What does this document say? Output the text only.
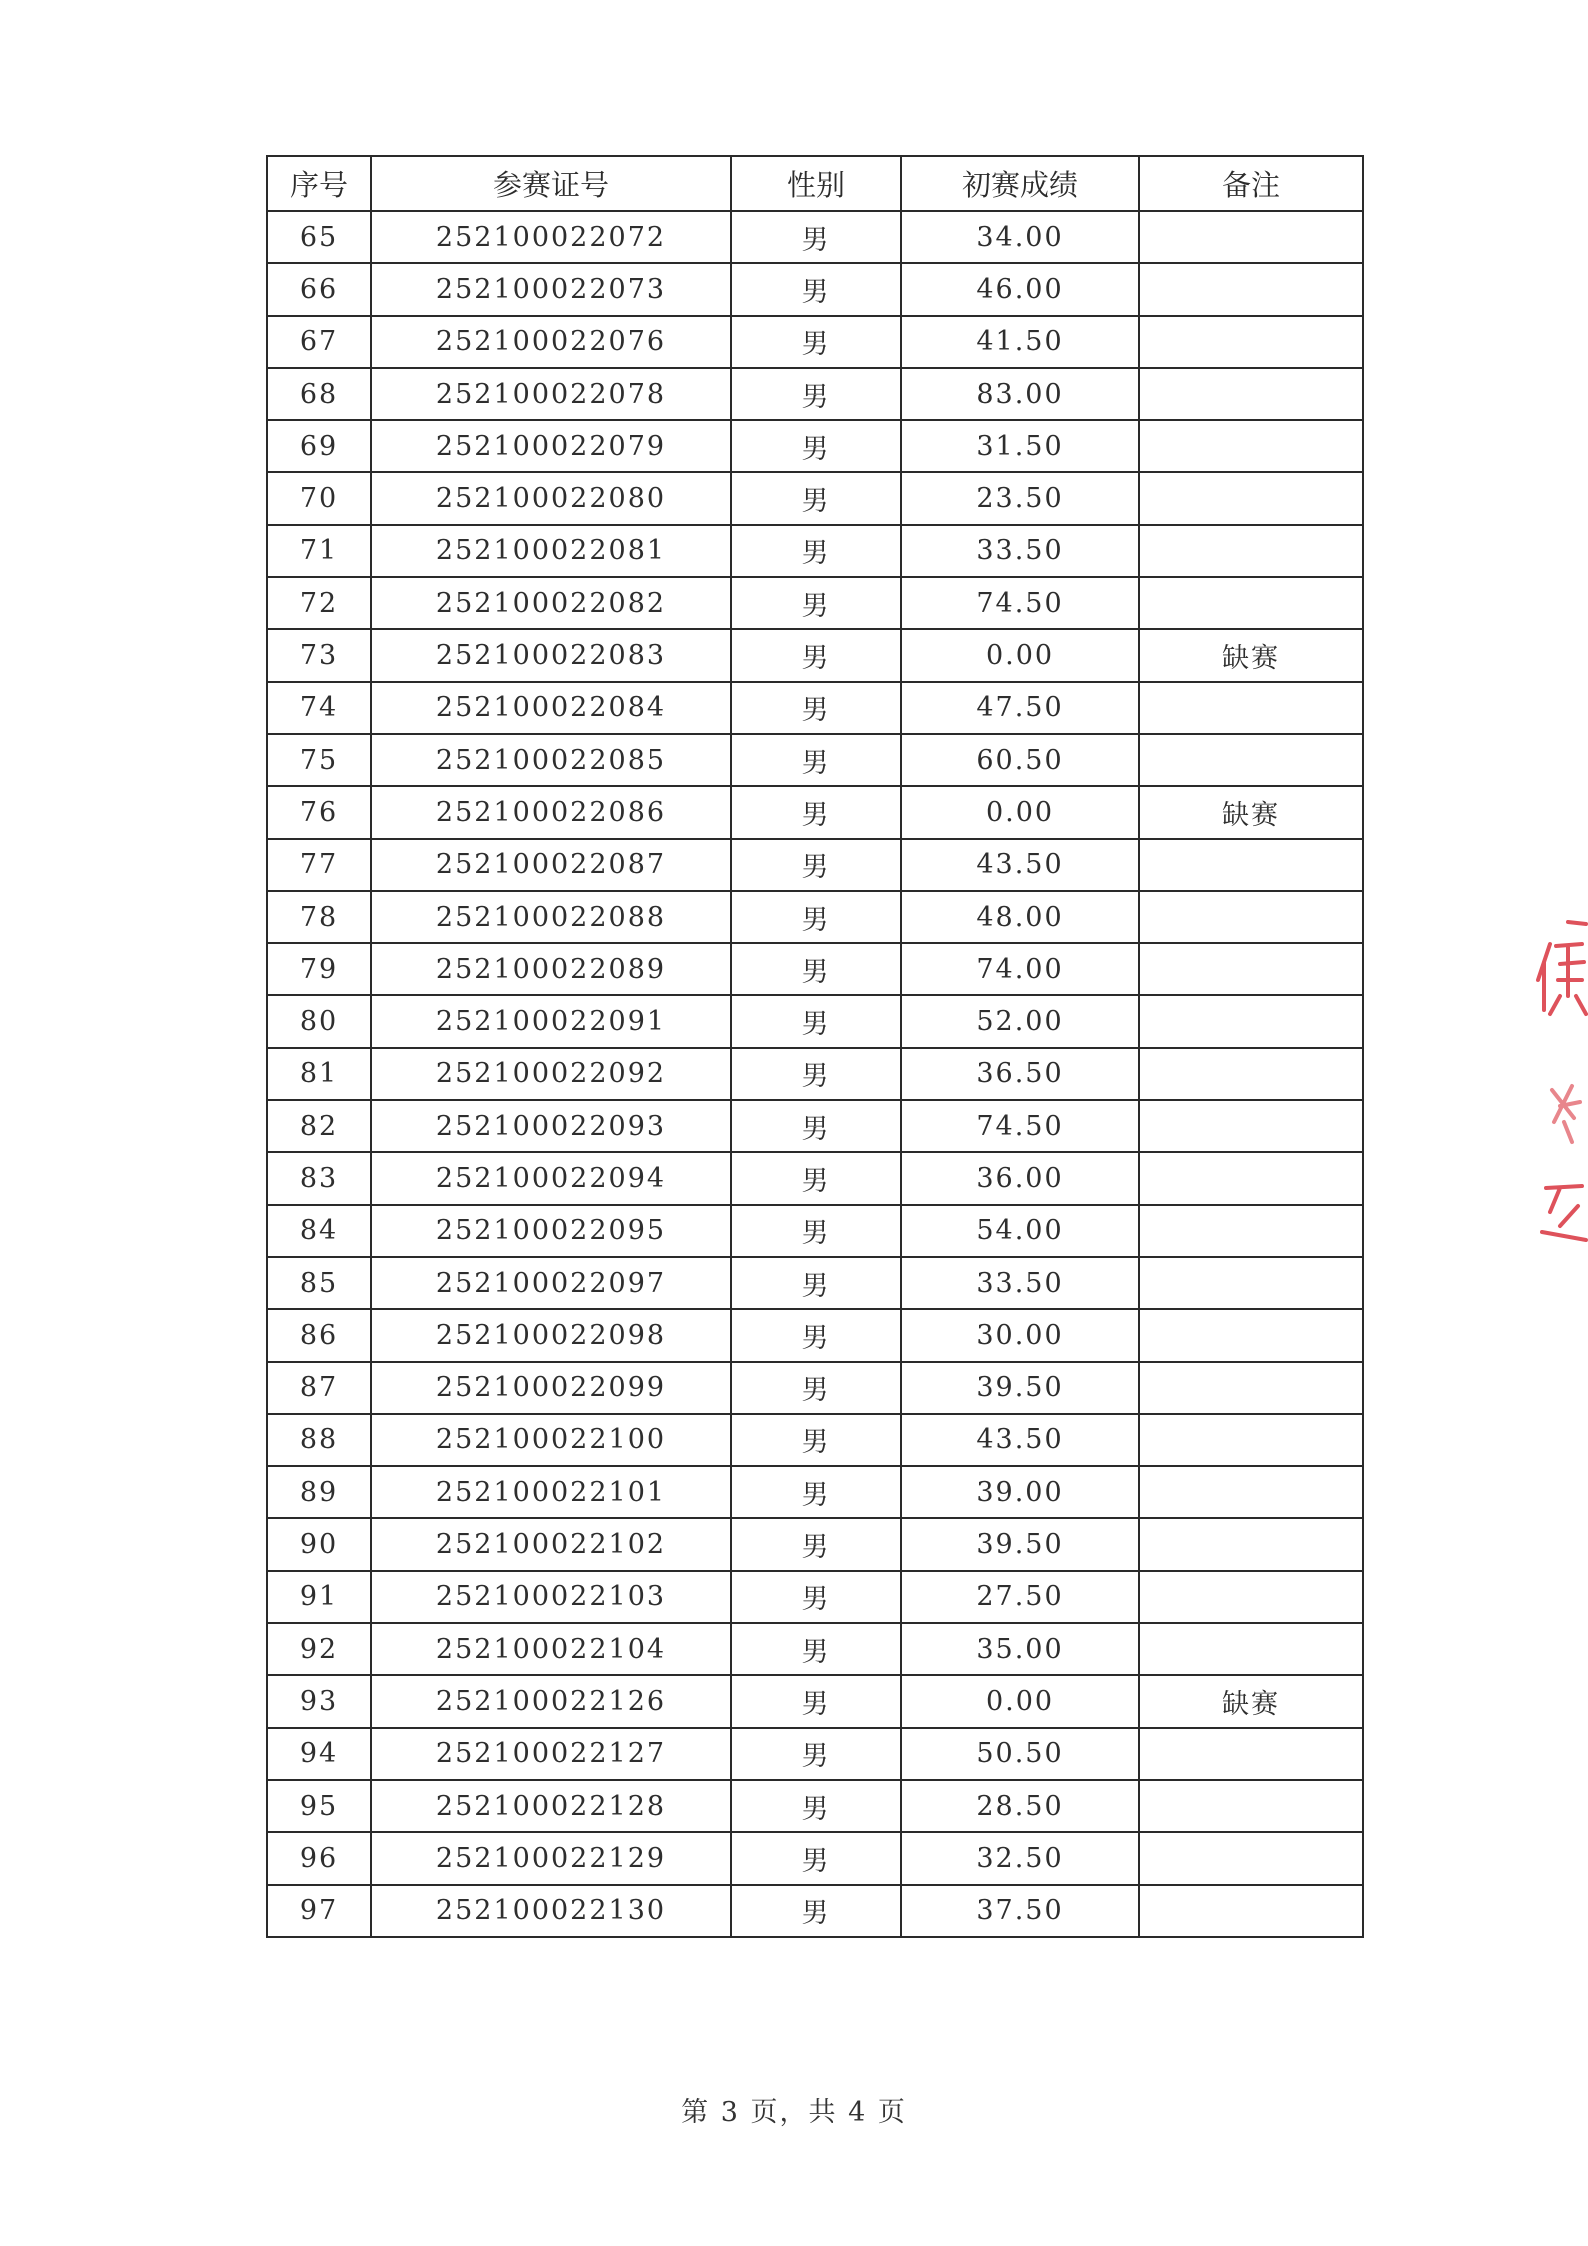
序号	参赛证号	性别	初赛成绩	备注
65	252100022072	男	34.00	
66	252100022073	男	46.00	
67	252100022076	男	41.50	
68	252100022078	男	83.00	
69	252100022079	男	31.50	
70	252100022080	男	23.50	
71	252100022081	男	33.50	
72	252100022082	男	74.50	
73	252100022083	男	0.00	缺赛
74	252100022084	男	47.50	
75	252100022085	男	60.50	
76	252100022086	男	0.00	缺赛
77	252100022087	男	43.50	
78	252100022088	男	48.00	
79	252100022089	男	74.00	
80	252100022091	男	52.00	
81	252100022092	男	36.50	
82	252100022093	男	74.50	
83	252100022094	男	36.00	
84	252100022095	男	54.00	
85	252100022097	男	33.50	
86	252100022098	男	30.00	
87	252100022099	男	39.50	
88	252100022100	男	43.50	
89	252100022101	男	39.00	
90	252100022102	男	39.50	
91	252100022103	男	27.50	
92	252100022104	男	35.00	
93	252100022126	男	0.00	缺赛
94	252100022127	男	50.50	
95	252100022128	男	28.50	
96	252100022129	男	32.50	
97	252100022130	男	37.50	
第 3 页，共 4 页
